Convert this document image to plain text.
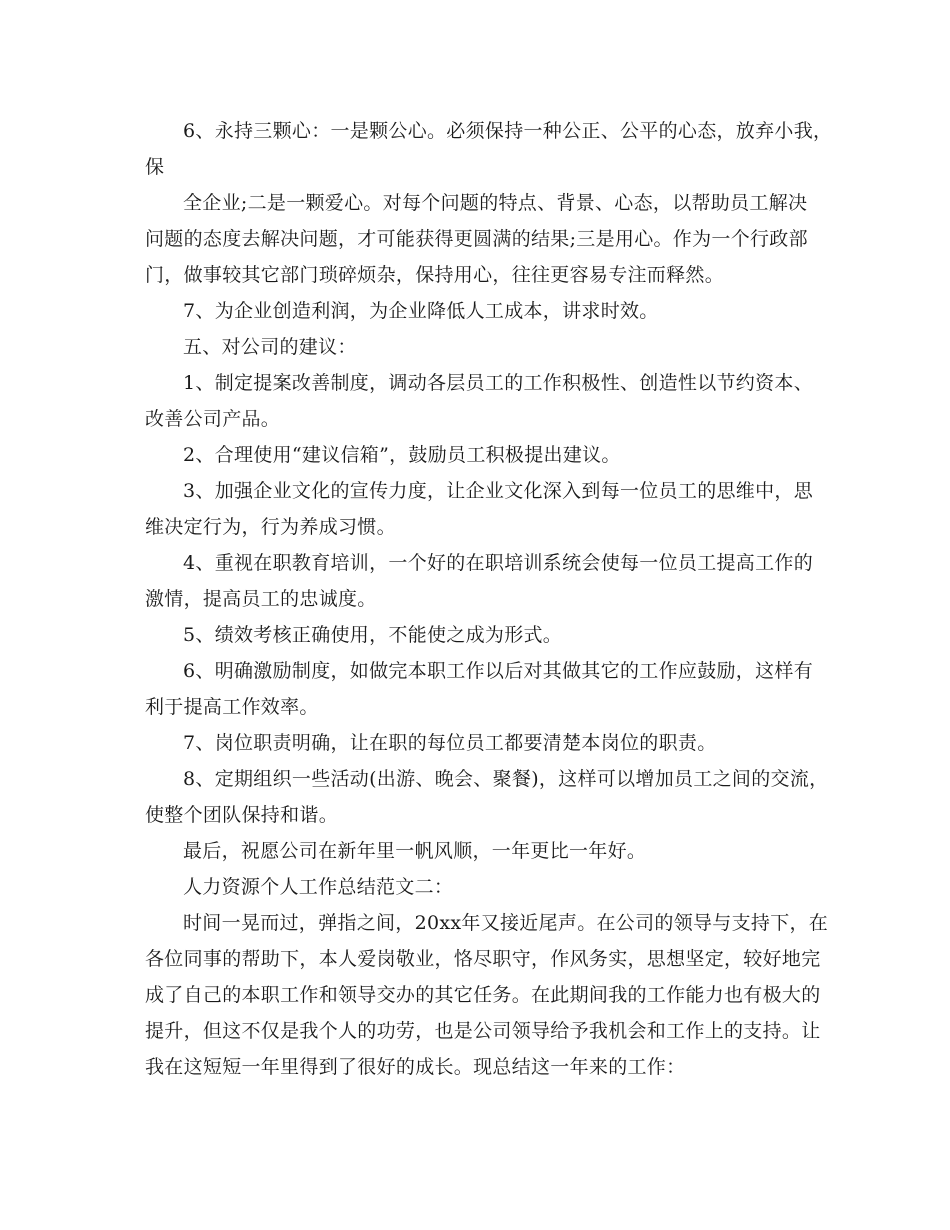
6、永持三颗心：一是颗公心。必须保持一种公正、公平的心态，放弃小我，
保
全企业;二是一颗爱心。对每个问题的特点、背景、心态，以帮助员工解决
问题的态度去解决问题，才可能获得更圆满的结果;三是用心。作为一个行政部
门，做事较其它部门琐碎烦杂，保持用心，往往更容易专注而释然。
7、为企业创造利润，为企业降低人工成本，讲求时效。
五、对公司的建议：
1、制定提案改善制度，调动各层员工的工作积极性、创造性以节约资本、
改善公司产品。
2、合理使用“建议信箱”，鼓励员工积极提出建议。
3、加强企业文化的宣传力度，让企业文化深入到每一位员工的思维中，思
维决定行为，行为养成习惯。
4、重视在职教育培训，一个好的在职培训系统会使每一位员工提高工作的
激情，提高员工的忠诚度。
5、绩效考核正确使用，不能使之成为形式。
6、明确激励制度，如做完本职工作以后对其做其它的工作应鼓励，这样有
利于提高工作效率。
7、岗位职责明确，让在职的每位员工都要清楚本岗位的职责。
8、定期组织一些活动(出游、晚会、聚餐)，这样可以增加员工之间的交流，
使整个团队保持和谐。
最后，祝愿公司在新年里一帆风顺，一年更比一年好。
人力资源个人工作总结范文二：
时间一晃而过，弹指之间，20xx年又接近尾声。在公司的领导与支持下，在
各位同事的帮助下，本人爱岗敬业，恪尽职守，作风务实，思想坚定，较好地完
成了自己的本职工作和领导交办的其它任务。在此期间我的工作能力也有极大的
提升，但这不仅是我个人的功劳，也是公司领导给予我机会和工作上的支持。让
我在这短短一年里得到了很好的成长。现总结这一年来的工作：
